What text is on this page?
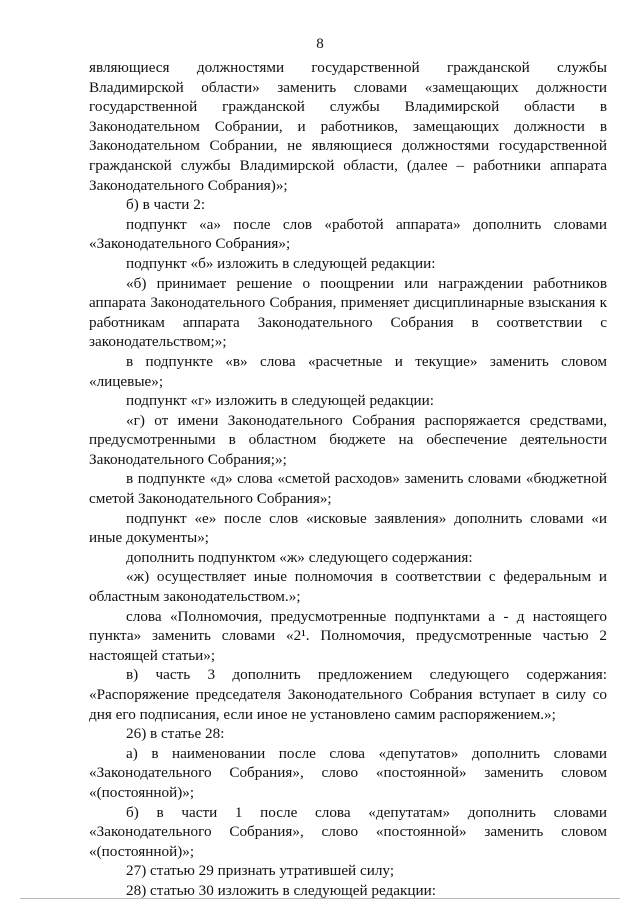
8

являющиеся должностями государственной гражданской службы Владимирской области» заменить словами «замещающих должности государственной гражданской службы Владимирской области в Законодательном Собрании, и работников, замещающих должности в Законодательном Собрании, не являющиеся должностями государственной гражданской службы Владимирской области, (далее – работники аппарата Законодательного Собрания)»;

б) в части 2:

подпункт «а» после слов «работой аппарата» дополнить словами «Законодательного Собрания»;

подпункт «б» изложить в следующей редакции:

«б) принимает решение о поощрении или награждении работников аппарата Законодательного Собрания, применяет дисциплинарные взыскания к работникам аппарата Законодательного Собрания в соответствии с законодательством;»;

в подпункте «в» слова «расчетные и текущие» заменить словом «лицевые»;

подпункт «г» изложить в следующей редакции:

«г) от имени Законодательного Собрания распоряжается средствами, предусмотренными в областном бюджете на обеспечение деятельности Законодательного Собрания;»;

в подпункте «д» слова «сметой расходов» заменить словами «бюджетной сметой Законодательного Собрания»;

подпункт «е» после слов «исковые заявления» дополнить словами «и иные документы»;

дополнить подпунктом «ж» следующего содержания:

«ж) осуществляет иные полномочия в соответствии с федеральным и областным законодательством.»;

слова «Полномочия, предусмотренные подпунктами а - д настоящего пункта» заменить словами «2¹. Полномочия, предусмотренные частью 2 настоящей статьи»;

в) часть 3 дополнить предложением следующего содержания: «Распоряжение председателя Законодательного Собрания вступает в силу со дня его подписания, если иное не установлено самим распоряжением.»;

26) в статье 28:

а) в наименовании после слова «депутатов» дополнить словами «Законодательного Собрания», слово «постоянной» заменить словом «(постоянной)»;

б) в части 1 после слова «депутатам» дополнить словами «Законодательного Собрания», слово «постоянной» заменить словом «(постоянной)»;

27) статью 29 признать утратившей силу;

28) статью 30 изложить в следующей редакции:
